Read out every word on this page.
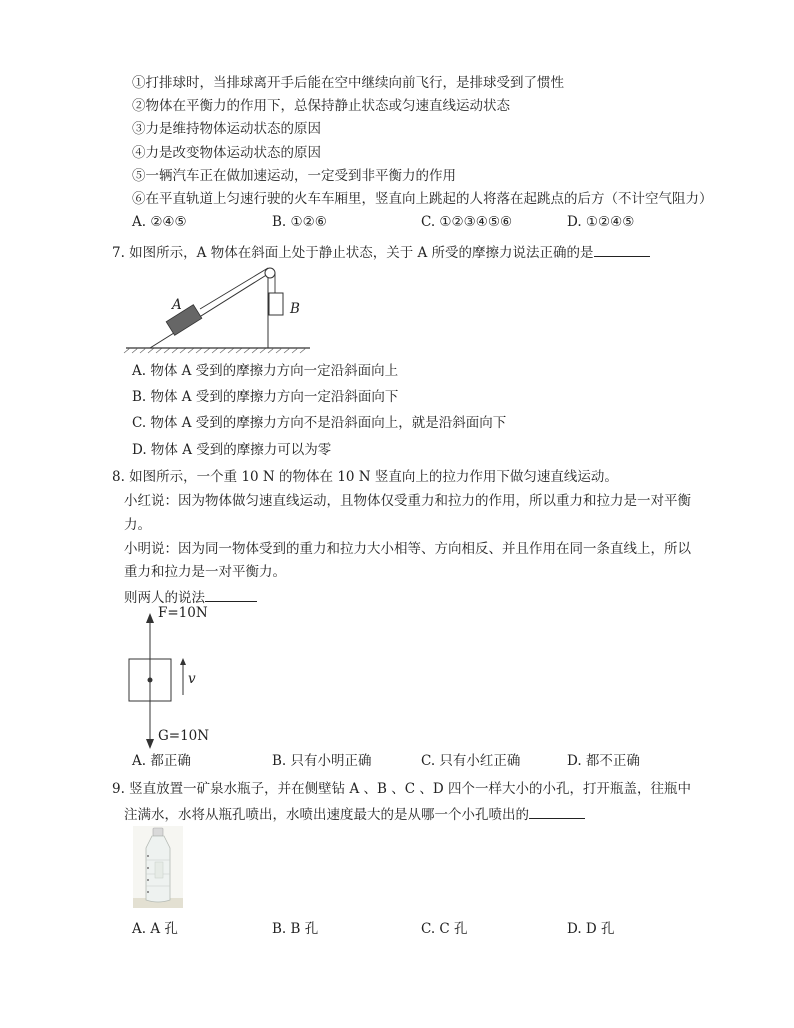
①打排球时，当排球离开手后能在空中继续向前飞行，是排球受到了惯性
②物体在平衡力的作用下，总保持静止状态或匀速直线运动状态
③力是维持物体运动状态的原因
④力是改变物体运动状态的原因
⑤一辆汽车正在做加速运动，一定受到非平衡力的作用
⑥在平直轨道上匀速行驶的火车车厢里，竖直向上跳起的人将落在起跳点的后方（不计空气阻力）
A. ②④⑤	B. ①②⑥	C. ①②③④⑤⑥	D. ①②④⑤
7. 如图所示，A 物体在斜面上处于静止状态，关于 A 所受的摩擦力说法正确的是
A	B
A. 物体 A 受到的摩擦力方向一定沿斜面向上
B. 物体 A 受到的摩擦力方向一定沿斜面向下
C. 物体 A 受到的摩擦力方向不是沿斜面向上，就是沿斜面向下
D. 物体 A 受到的摩擦力可以为零
8. 如图所示，一个重 10 N 的物体在 10 N 竖直向上的拉力作用下做匀速直线运动。
小红说：因为物体做匀速直线运动，且物体仅受重力和拉力的作用，所以重力和拉力是一对平衡
力。
小明说：因为同一物体受到的重力和拉力大小相等、方向相反、并且作用在同一条直线上，所以
重力和拉力是一对平衡力。
则两人的说法
F=10N
v
G=10N
A. 都正确	B. 只有小明正确	C. 只有小红正确	D. 都不正确
9. 竖直放置一矿泉水瓶子，并在侧壁钻 A 、B 、C 、D 四个一样大小的小孔，打开瓶盖，往瓶中
注满水，水将从瓶孔喷出，水喷出速度最大的是从哪一个小孔喷出的
A. A 孔	B. B 孔	C. C 孔	D. D 孔
